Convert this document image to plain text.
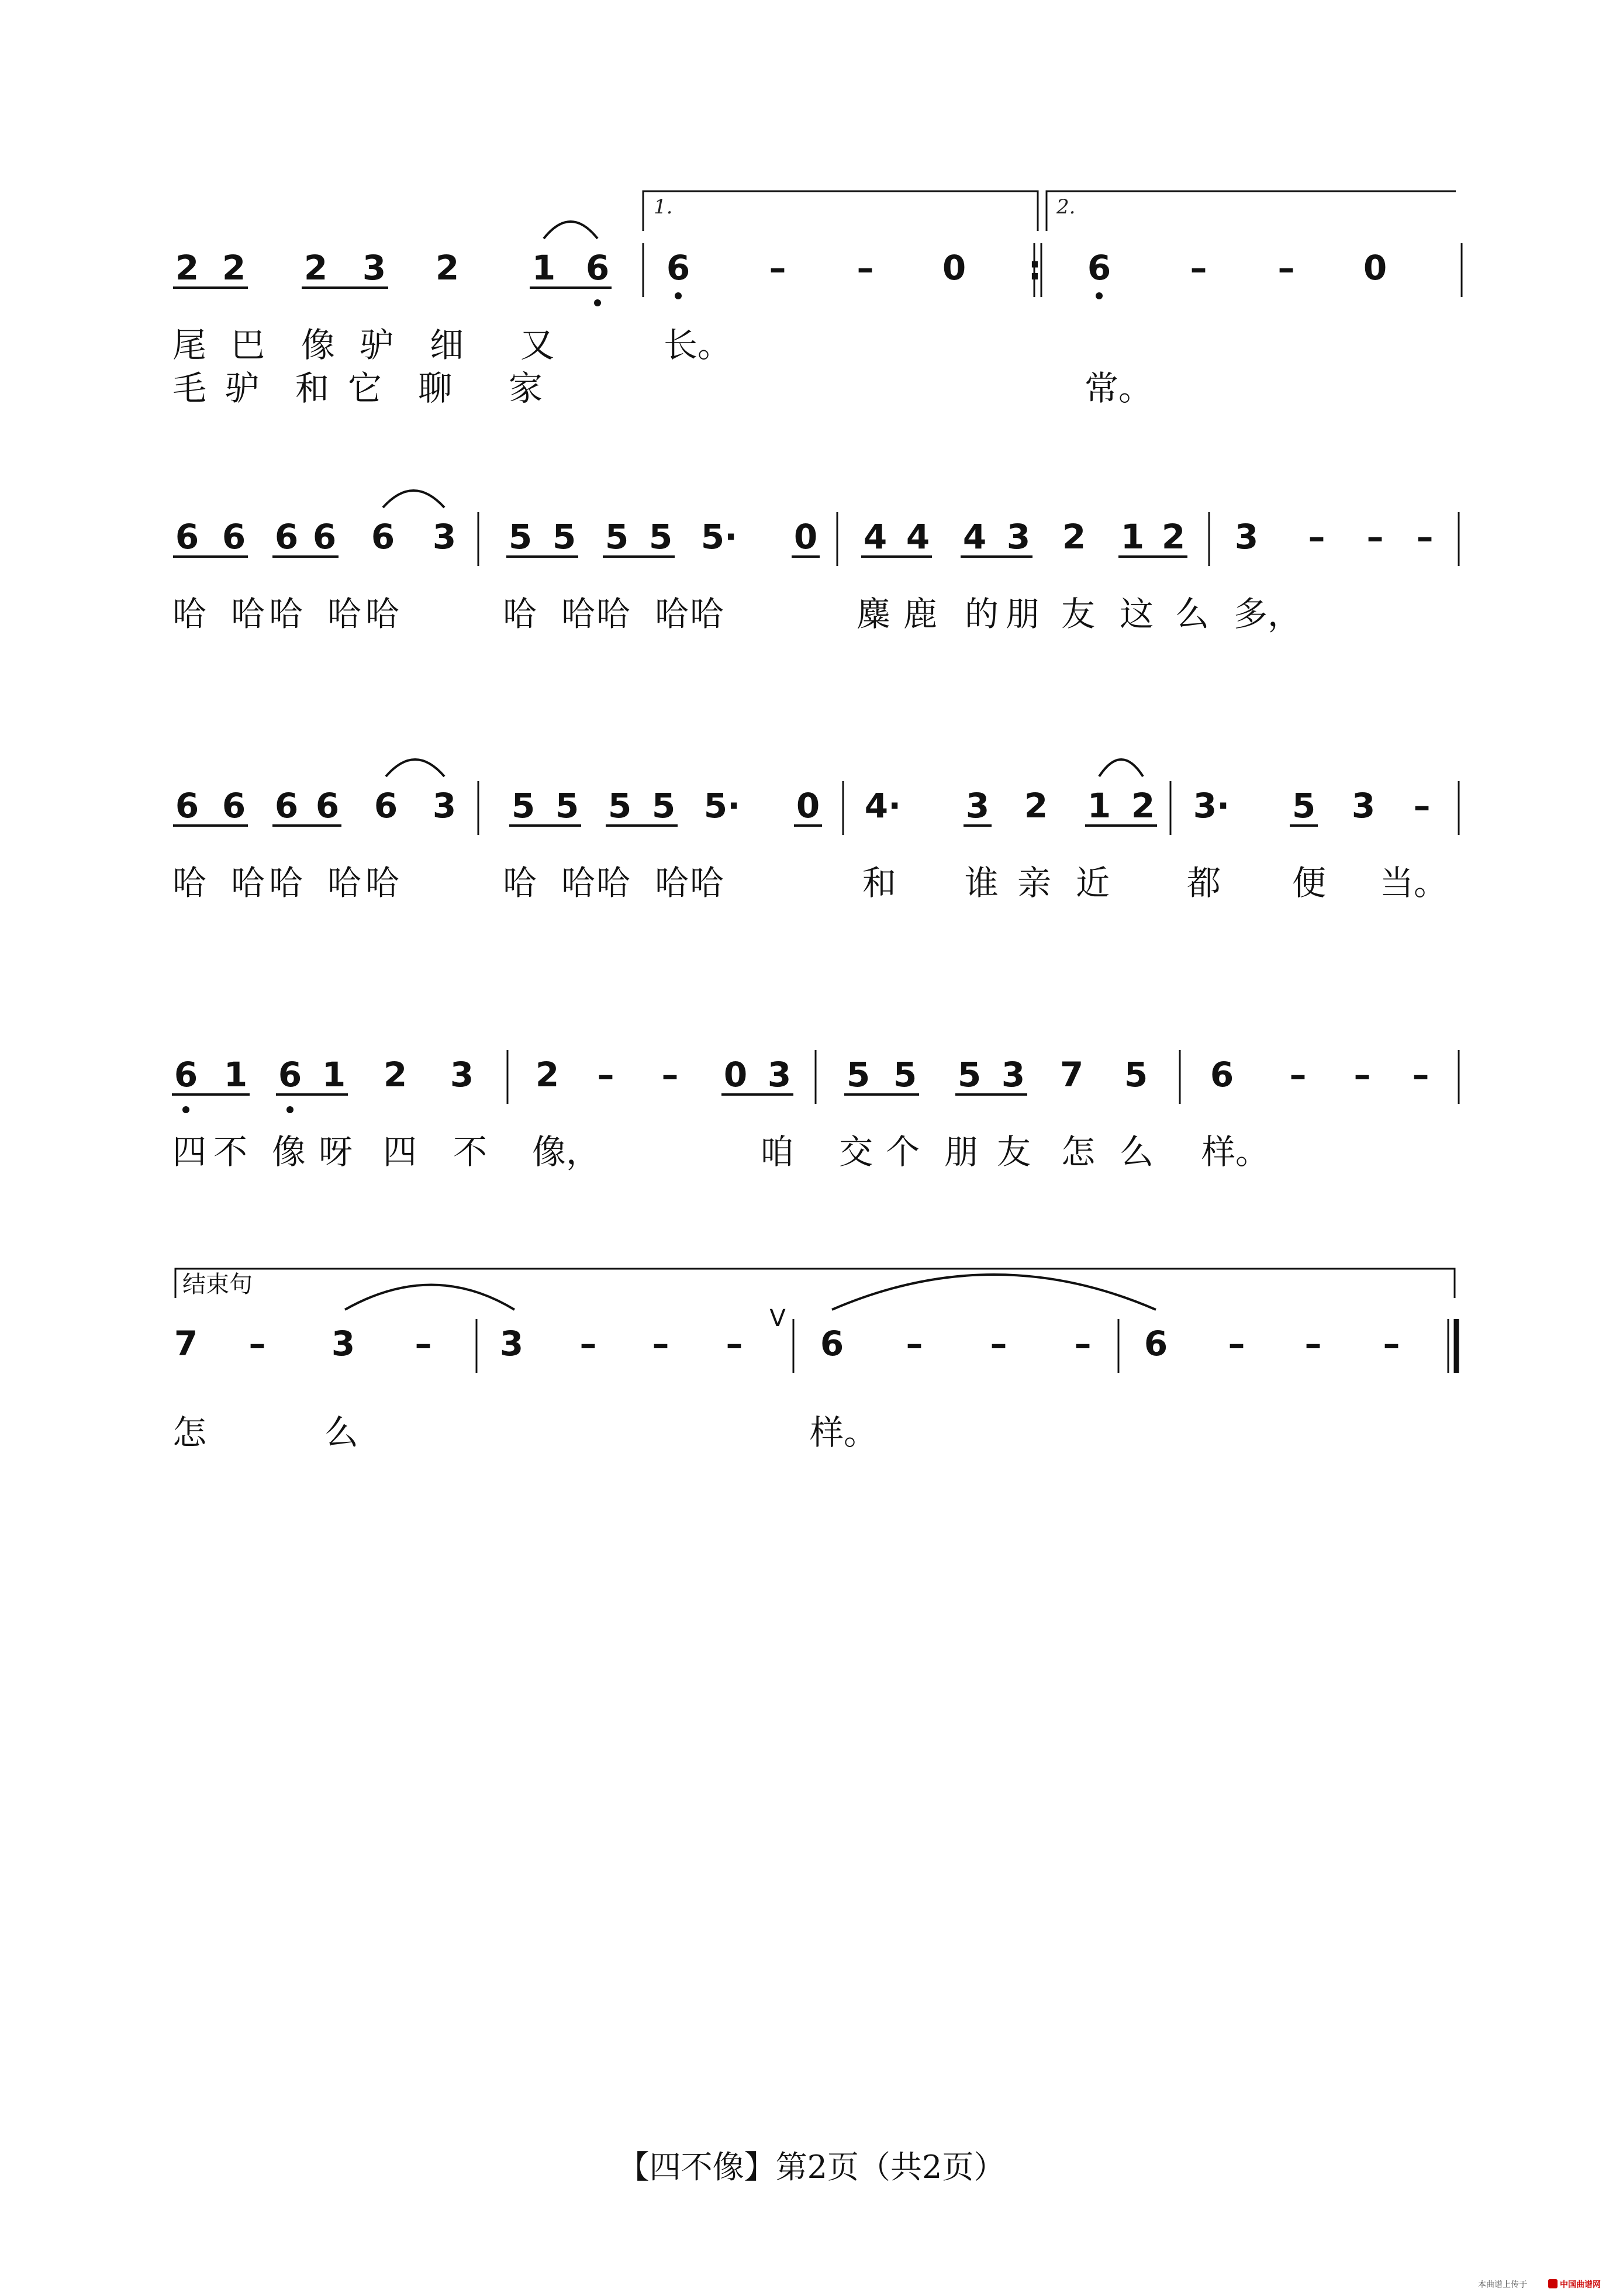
2 2 2 3 2 1 6 6 – – 0	6 – – 0
尾 巴 像 驴 细 又	长。
毛 驴 和 它 聊 家	常。
6 6 6 6 6 3 5 5 5 5 5· 0 4 4 4 3 2 1 2 3 – – –
哈 哈 哈 哈 哈	哈 哈 哈 哈 哈	麋 鹿 的 朋 友 这 么 多，
6 6 6 6 6 3 5 5 5 5 5· 0 4· 3 2 1 2 3· 5 3 –
哈 哈 哈 哈 哈	哈 哈 哈 哈 哈	和 谁 亲 近 都 便 当。
6 1 6 1 2 3 2 – – 0 3 5 5 5 3 7 5 6 – – –
四 不 像 呀 四 不 像，	咱 交 个 朋 友 怎 么 样。
7 – 3 – 3 – – – 6 – – – 6 – – –
怎	么	样。
1.	2.
:
结束句
V
【四不像】第2页（共2页）
本曲谱上传于	中国曲谱网
